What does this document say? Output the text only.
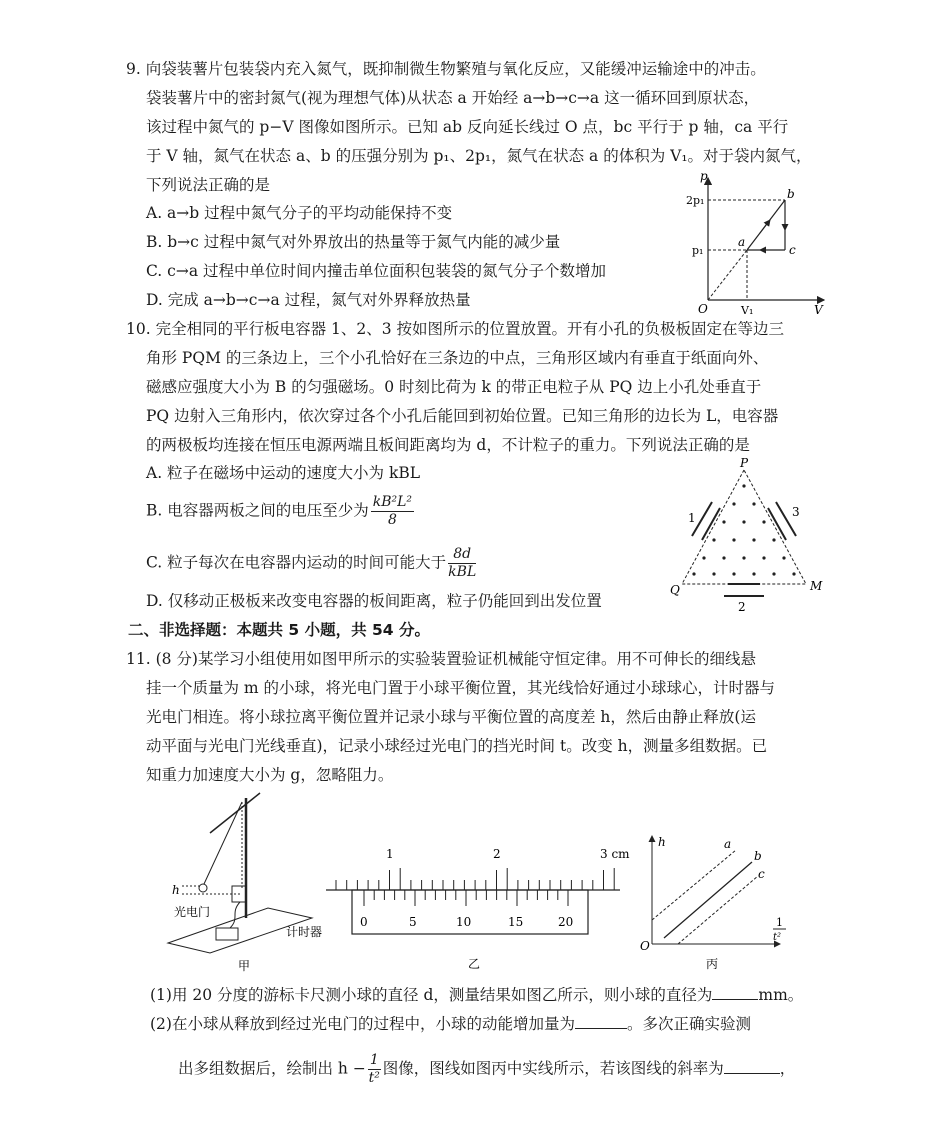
9. 向袋装薯片包装袋内充入氮气，既抑制微生物繁殖与氧化反应，又能缓冲运输途中的冲击。
袋装薯片中的密封氮气(视为理想气体)从状态 a 开始经 a→b→c→a 这一循环回到原状态，
该过程中氮气的 p−V 图像如图所示。已知 ab 反向延长线过 O 点，bc 平行于 p 轴，ca 平行
于 V 轴，氮气在状态 a、b 的压强分别为 p₁、2p₁，氮气在状态 a 的体积为 V₁。对于袋内氮气，
下列说法正确的是
A. a→b 过程中氮气分子的平均动能保持不变
B. b→c 过程中氮气对外界放出的热量等于氮气内能的减少量
C. c→a 过程中单位时间内撞击单位面积包装袋的氮气分子个数增加
D. 完成 a→b→c→a 过程，氮气对外界释放热量
p
V
O
2p₁
p₁
V₁
a
b
c
10. 完全相同的平行板电容器 1、2、3 按如图所示的位置放置。开有小孔的负极板固定在等边三
角形 PQM 的三条边上，三个小孔恰好在三条边的中点，三角形区域内有垂直于纸面向外、
磁感应强度大小为 B 的匀强磁场。0 时刻比荷为 k 的带正电粒子从 PQ 边上小孔处垂直于
PQ 边射入三角形内，依次穿过各个小孔后能回到初始位置。已知三角形的边长为 L，电容器
的两极板均连接在恒压电源两端且板间距离均为 d，不计粒子的重力。下列说法正确的是
A. 粒子在磁场中运动的速度大小为 kBL
B. 电容器两板之间的电压至少为 $\frac{\text{kB²L²}}{8}$
C. 粒子每次在电容器内运动的时间可能大于 $\frac{8d}{\text{kBL}}$
D. 仅移动正极板来改变电容器的板间距离，粒子仍能回到出发位置
P
Q	M
1
2
3
二、非选择题：本题共 5 小题，共 54 分。
11. (8 分)某学习小组使用如图甲所示的实验装置验证机械能守恒定律。用不可伸长的细线悬
挂一个质量为 m 的小球，将光电门置于小球平衡位置，其光线恰好通过小球球心，计时器与
光电门相连。将小球拉离平衡位置并记录小球与平衡位置的高度差 h，然后由静止释放(运
动平面与光电门光线垂直)，记录小球经过光电门的挡光时间 t。改变 h，测量多组数据。已
知重力加速度大小为 g，忽略阻力。
h
光电门
计时器
甲
1	2	3 cm
0	5	10	15	20
乙
h
O
a
b
c
1
t²
丙
(1)用 20 分度的游标卡尺测小球的直径 d，测量结果如图乙所示，则小球的直径为	mm。
(2)在小球从释放到经过光电门的过程中，小球的动能增加量为	。多次正确实验测
出多组数据后，绘制出 $h - \frac{1}{\text{t²}}$ 图像，图线如图丙中实线所示，若该图线的斜率为	，
